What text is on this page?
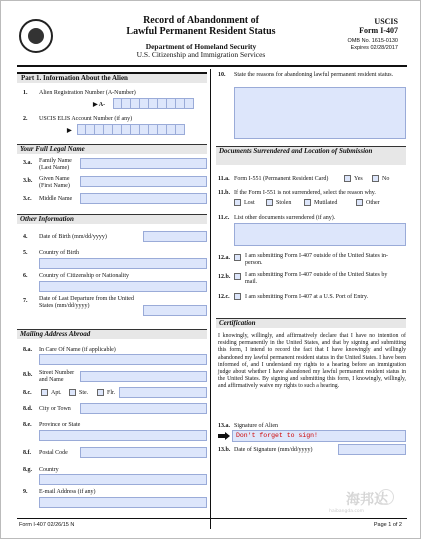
Record of Abandonment of
Lawful Permanent Resident Status
Department of Homeland Security
U.S. Citizenship and Immigration Services
USCIS
Form I-407
OMB No. 1615-0130
Expires 02/28/2017
Part 1. Information About the Alien
1. Alien Registration Number (A-Number)
▶ A-
2. USCIS ELIS Account Number (if any)
▶
Your Full Legal Name
3.a. Family Name (Last Name)
3.b. Given Name (First Name)
3.c. Middle Name
Other Information
4. Date of Birth (mm/dd/yyyy)
5. Country of Birth
6. Country of Citizenship or Nationality
7. Date of Last Departure from the United States (mm/dd/yyyy)
Mailing Address Abroad
8.a. In Care Of Name (if applicable)
8.b. Street Number and Name
8.c.	Apt.	Ste.	Flr.
8.d. City or Town
8.e. Province or State
8.f. Postal Code
8.g. Country
9. E-mail Address (if any)
10. State the reasons for abandoning lawful permanent resident status.
Documents Surrendered and Location of Submission
11.a. Form I-551 (Permanent Resident Card)	Yes	No
11.b. If the Form I-551 is not surrendered, select the reason why.
Lost	Stolen	Mutilated	Other
11.c. List other documents surrendered (if any).
12.a.	I am submitting Form I-407 outside of the United States in-person.
12.b. I am submitting Form I-407 outside of the United States by mail.
12.c.	I am submitting Form I-407 at a U.S. Port of Entry.
Certification
I knowingly, willingly, and affirmatively declare that I have no intention of residing permanently in the United States, and that by signing and submitting this form, I intend to record the fact that I have knowingly and willingly abandoned my lawful permanent resident status in the United States. I have been informed of, and I understand my rights to a hearing before an immigration judge about whether I have abandoned my lawful permanent resident status in the United States. By signing and submitting this form, I knowingly, willingly, and affirmatively waive my rights to such a hearing.
13.a. Signature of Alien
Don't forget to sign!
13.b. Date of Signature (mm/dd/yyyy)
Form I-407 02/26/15 N	Page 1 of 2
海邦达
haibangda.com
